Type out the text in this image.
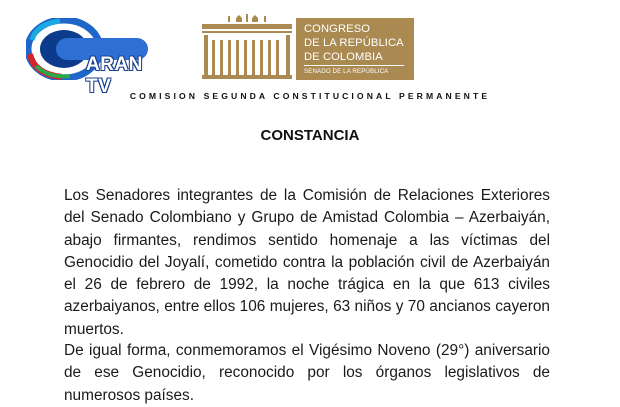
ARAN TV
CONGRESO
DE LA REPÚBLICA
DE COLOMBIA
SENADO DE LA REPÚBLICA
COMISION SEGUNDA CONSTITUCIONAL PERMANENTE
CONSTANCIA

Los Senadores integrantes de la Comisión de Relaciones Exteriores del Senado Colombiano y Grupo de Amistad Colombia – Azerbaiyán, abajo firmantes, rendimos sentido homenaje a las víctimas del Genocidio del Joyalí, cometido contra la población civil de Azerbaiyán el 26 de febrero de 1992, la noche trágica en la que 613 civiles azerbaiyanos, entre ellos 106 mujeres, 63 niños y 70 ancianos cayeron muertos.

De igual forma, conmemoramos el Vigésimo Noveno (29°) aniversario de ese Genocidio, reconocido por los órganos legislativos de numerosos países.
